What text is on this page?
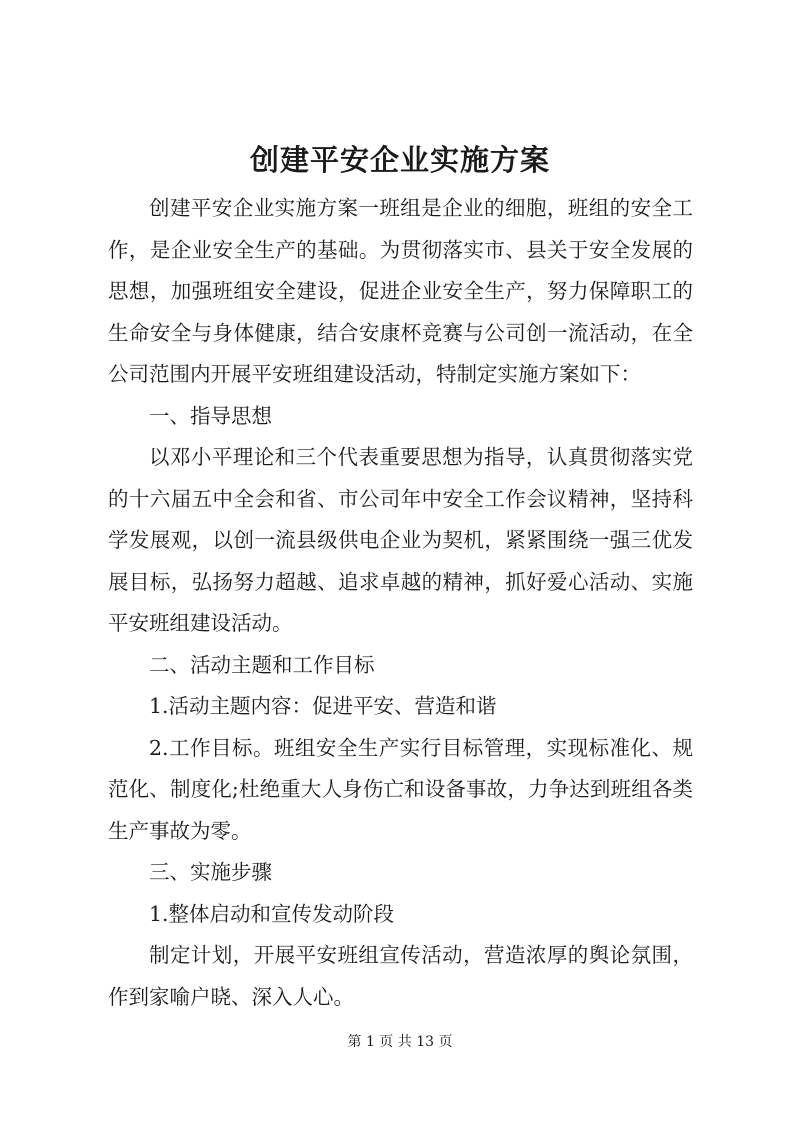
创建平安企业实施方案

创建平安企业实施方案一班组是企业的细胞，班组的安全工作，是企业安全生产的基础。为贯彻落实市、县关于安全发展的思想，加强班组安全建设，促进企业安全生产，努力保障职工的生命安全与身体健康，结合安康杯竞赛与公司创一流活动，在全公司范围内开展平安班组建设活动，特制定实施方案如下：

一、指导思想

以邓小平理论和三个代表重要思想为指导，认真贯彻落实党的十六届五中全会和省、市公司年中安全工作会议精神，坚持科学发展观，以创一流县级供电企业为契机，紧紧围绕一强三优发展目标，弘扬努力超越、追求卓越的精神，抓好爱心活动、实施平安班组建设活动。

二、活动主题和工作目标

1.活动主题内容：促进平安、营造和谐

2.工作目标。班组安全生产实行目标管理，实现标准化、规范化、制度化;杜绝重大人身伤亡和设备事故，力争达到班组各类生产事故为零。

三、实施步骤

1.整体启动和宣传发动阶段

制定计划，开展平安班组宣传活动，营造浓厚的舆论氛围，作到家喻户晓、深入人心。

第 1 页 共 13 页
